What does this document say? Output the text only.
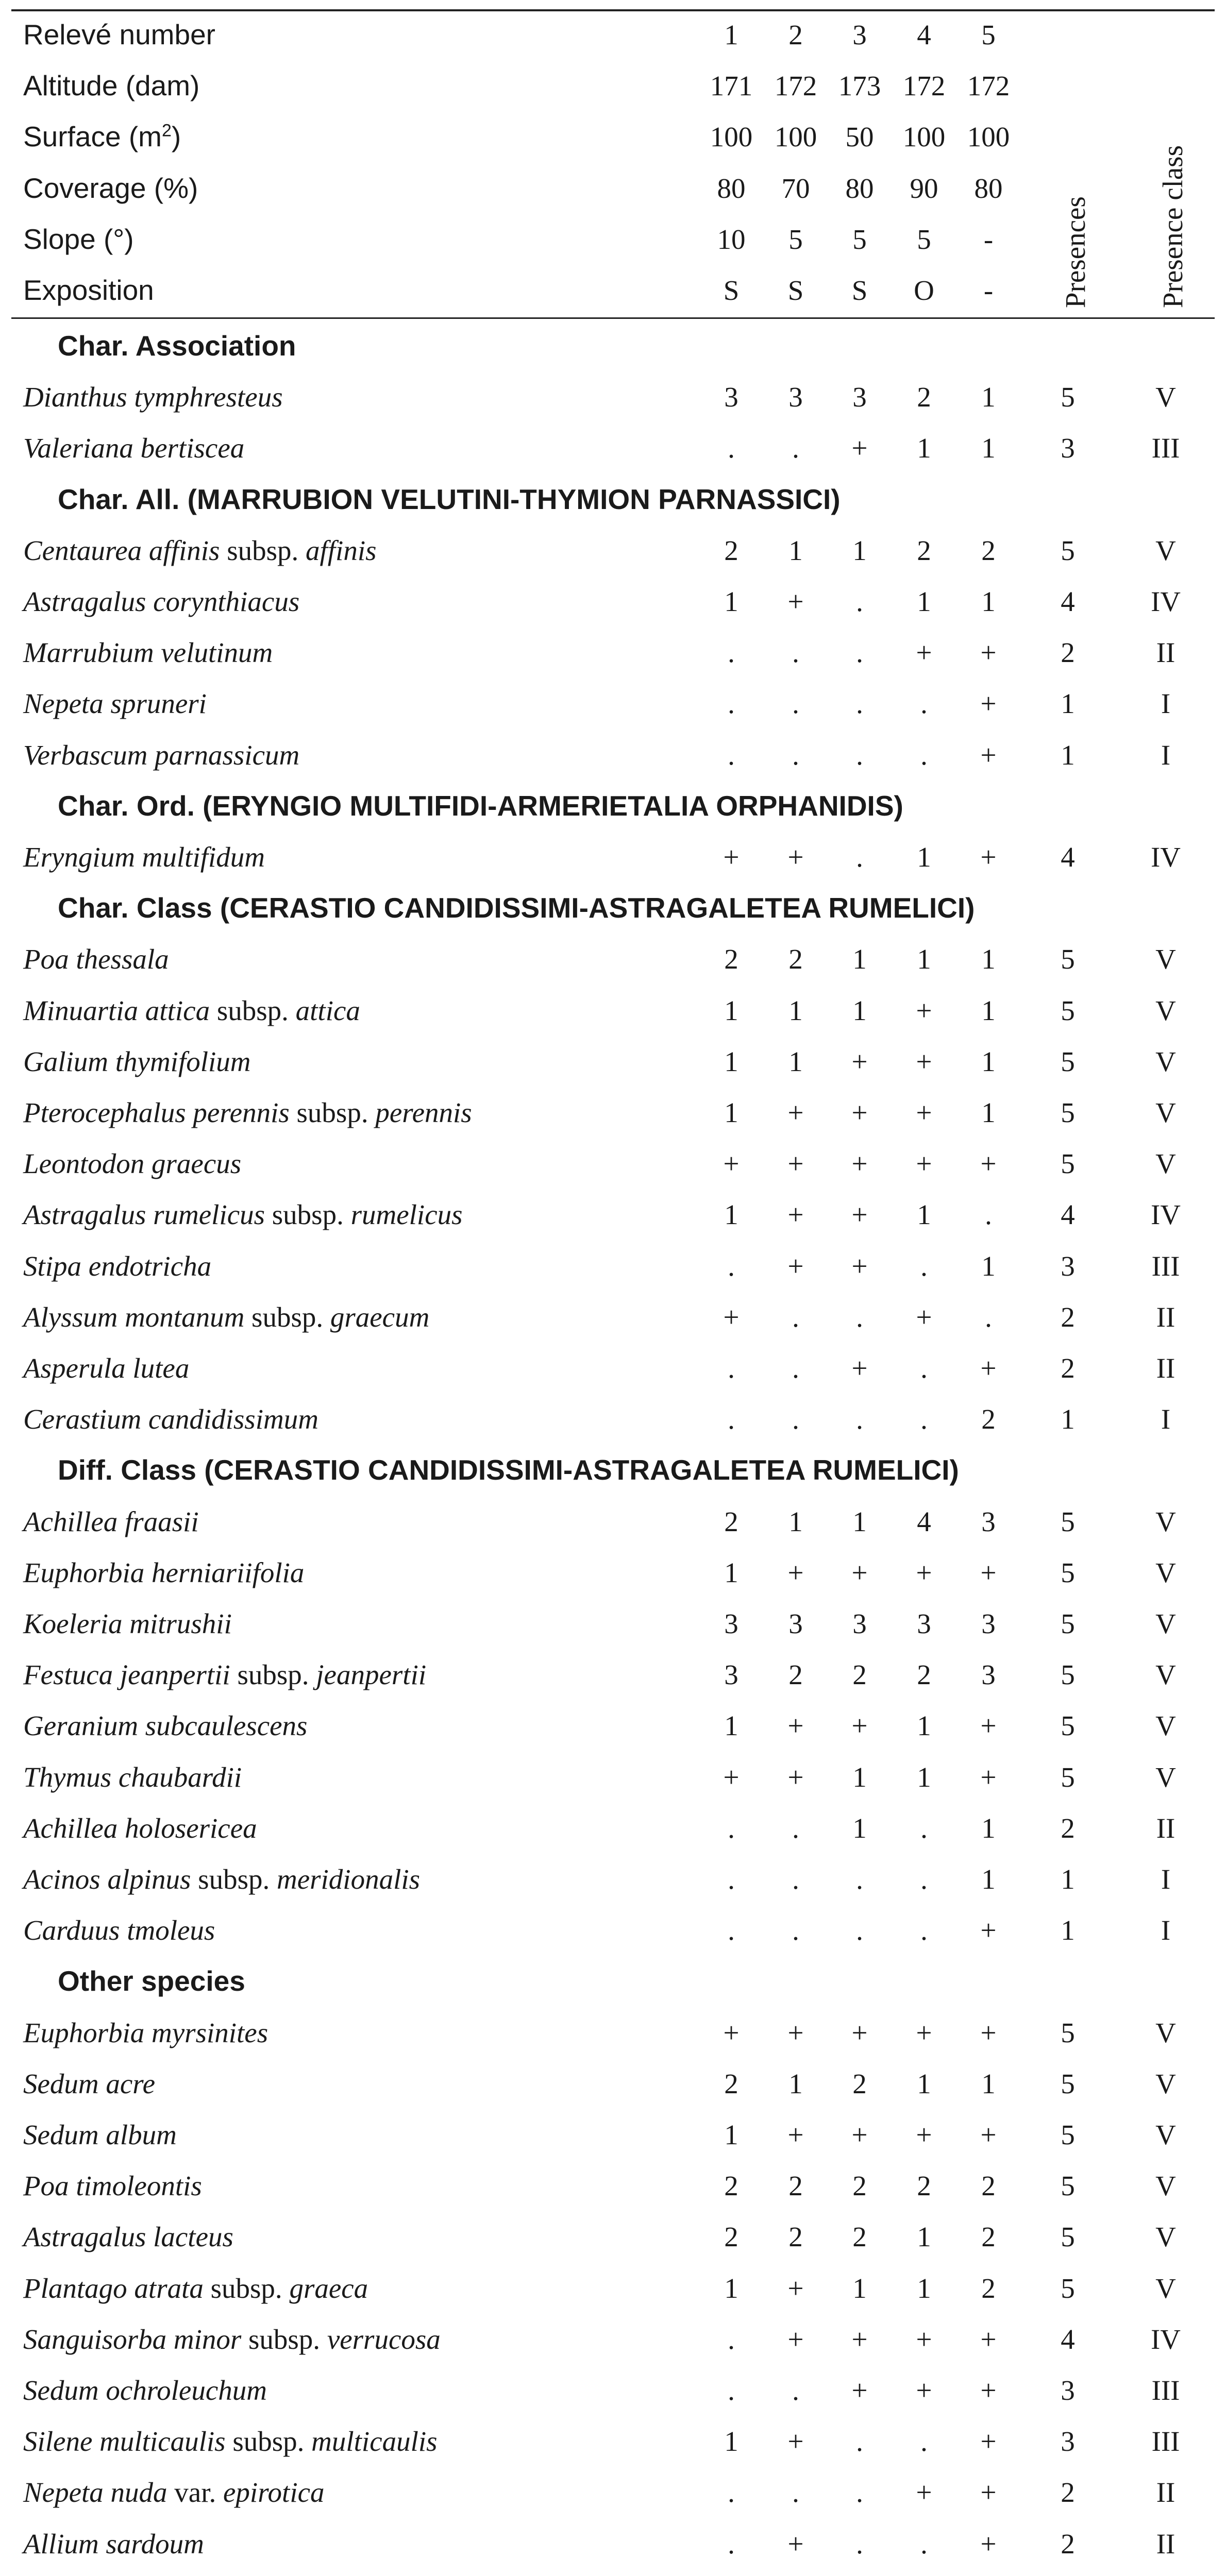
Relevé number	1	2	3	4	5
Altitude (dam)	171 172 173 172 172
Surface $(m^2)$	100 100	50	100 100
Coverage (%)	80	70	80	90	80
Slope (°)	10	5	5	5	-
Exposition	S	S	S	O	-	Presences Presence class
Char. Association
Dianthus tymphresteus	3	3	3	2	1	5	V
Valeriana bertiscea	.	.	+	1	1	3	III
Char. All. (MARRUBION VELUTINI-THYMION PARNASSICI)
Centaurea affinis subsp. affinis	2	1	1	2	2	5	V
Astragalus corynthiacus	1	+	.	1	1	4	IV
Marrubium velutinum	.	.	.	+	+	2	II
Nepeta spruneri	.	.	.	.	+	1	I
Verbascum parnassicum	.	.	.	.	+	1	I
Char. Ord. (ERYNGIO MULTIFIDI-ARMERIETALIA ORPHANIDIS)
Eryngium multifidum	+	+	.	1	+	4	IV
Char. Class (CERASTIO CANDIDISSIMI-ASTRAGALETEA RUMELICI)
Poa thessala	2	2	1	1	1	5	V
Minuartia attica subsp. attica	1	1	1	+	1	5	V
Galium thymifolium	1	1	+	+	1	5	V
Pterocephalus perennis subsp. perennis	1	+	+	+	1	5	V
Leontodon graecus	+	+	+	+	+	5	V
Astragalus rumelicus subsp. rumelicus	1	+	+	1	.	4	IV
Stipa endotricha	.	+	+	.	1	3	III
Alyssum montanum subsp. graecum	+	.	.	+	.	2	II
Asperula lutea	.	.	+	.	+	2	II
Cerastium candidissimum	.	.	.	.	2	1	I
Diff. Class (CERASTIO CANDIDISSIMI-ASTRAGALETEA RUMELICI)
Achillea fraasii	2	1	1	4	3	5	V
Euphorbia herniariifolia	1	+	+	+	+	5	V
Koeleria mitrushii	3	3	3	3	3	5	V
Festuca jeanpertii subsp. jeanpertii	3	2	2	2	3	5	V
Geranium subcaulescens	1	+	+	1	+	5	V
Thymus chaubardii	+	+	1	1	+	5	V
Achillea holosericea	.	.	1	.	1	2	II
Acinos alpinus subsp. meridionalis	.	.	.	.	1	1	I
Carduus tmoleus	.	.	.	.	+	1	I
Other species
Euphorbia myrsinites	+	+	+	+	+	5	V
Sedum acre	2	1	2	1	1	5	V
Sedum album	1	+	+	+	+	5	V
Poa timoleontis	2	2	2	2	2	5	V
Astragalus lacteus	2	2	2	1	2	5	V
Plantago atrata subsp. graeca	1	+	1	1	2	5	V
Sanguisorba minor subsp. verrucosa	.	+	+	+	+	4	IV
Sedum ochroleuchum	.	.	+	+	+	3	III
Silene multicaulis subsp. multicaulis	1	+	.	.	+	3	III
Nepeta nuda var. epirotica	.	.	.	+	+	2	II
Allium sardoum	.	+	.	.	+	2	II
